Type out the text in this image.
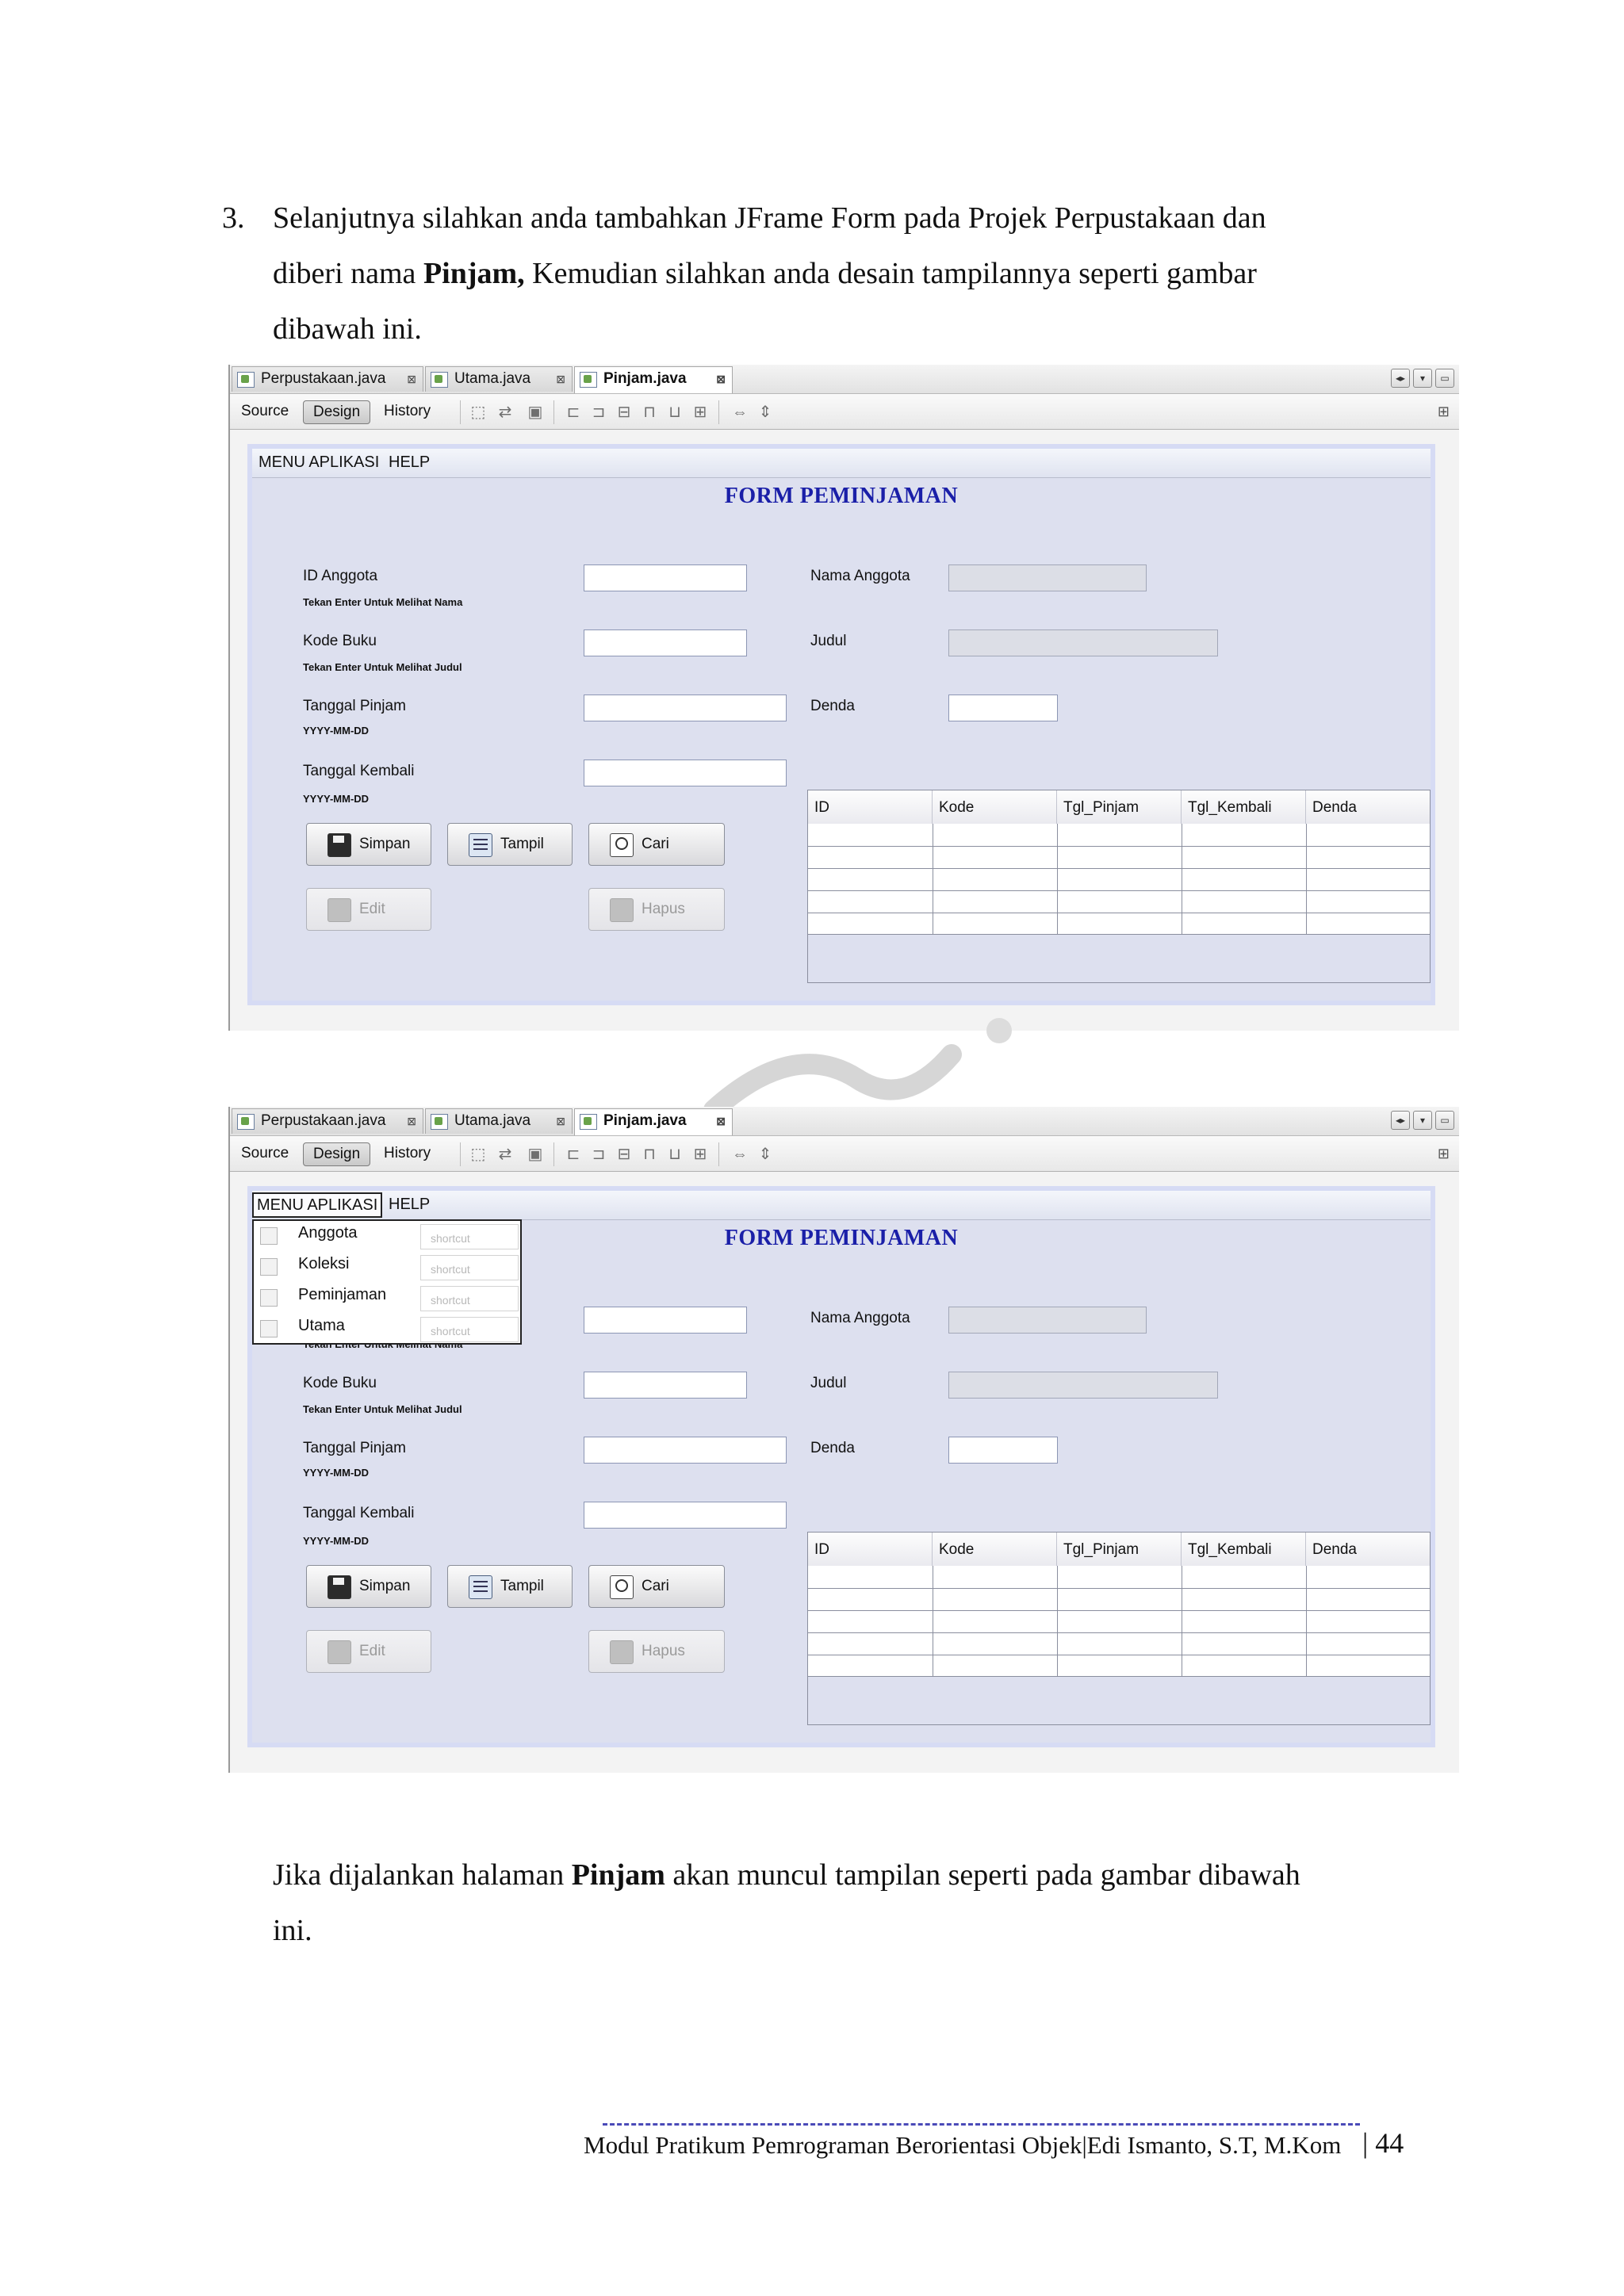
3. Selanjutnya silahkan anda tambahkan JFrame Form pada Projek Perpustakaan dan
diberi nama Pinjam, Kemudian silahkan anda desain tampilannya seperti gambar
dibawah ini.
Perpustakaan.java ⊠	Utama.java ⊠	Pinjam.java	⊠	◂▸ ▾ ▭
Source	Design	History	⬚ ⇄ ▣ ⊏ ⊐ ⊟ ⊓ ⊔ ⊞ ⇔ ⇕	⊞
MENU APLIKASI HELP
FORM PEMINJAMAN
ID Anggota
Tekan Enter Untuk Melihat Nama
Nama Anggota
Kode Buku
Tekan Enter Untuk Melihat Judul
Judul
Tanggal Pinjam
YYYY-MM-DD
Denda
Tanggal Kembali
YYYY-MM-DD
Simpan	Tampil	Cari
Edit	Hapus
ID	Kode	Tgl_Pinjam	Tgl_Kembali	Denda
Perpustakaan.java ⊠	Utama.java ⊠	Pinjam.java	⊠	◂▸ ▾ ▭
Source	Design	History	⬚ ⇄ ▣ ⊏ ⊐ ⊟ ⊓ ⊔ ⊞ ⇔ ⇕	⊞
MENU APLIKASI HELP
FORM PEMINJAMAN
Nama Anggota
Kode Buku
Tekan Enter Untuk Melihat Judul
Judul
Tanggal Pinjam
YYYY-MM-DD
Denda
Tanggal Kembali
YYYY-MM-DD
Simpan	Tampil	Cari
Edit	Hapus
ID	Kode	Tgl_Pinjam	Tgl_Kembali	Denda
Anggota	shortcut
Koleksi	shortcut
Peminjaman	shortcut
Utama	shortcut
Jika dijalankan halaman Pinjam akan muncul tampilan seperti pada gambar dibawah
ini.
Modul Pratikum Pemrograman Berorientasi Objek|Edi Ismanto, S.T, M.Kom | 44
